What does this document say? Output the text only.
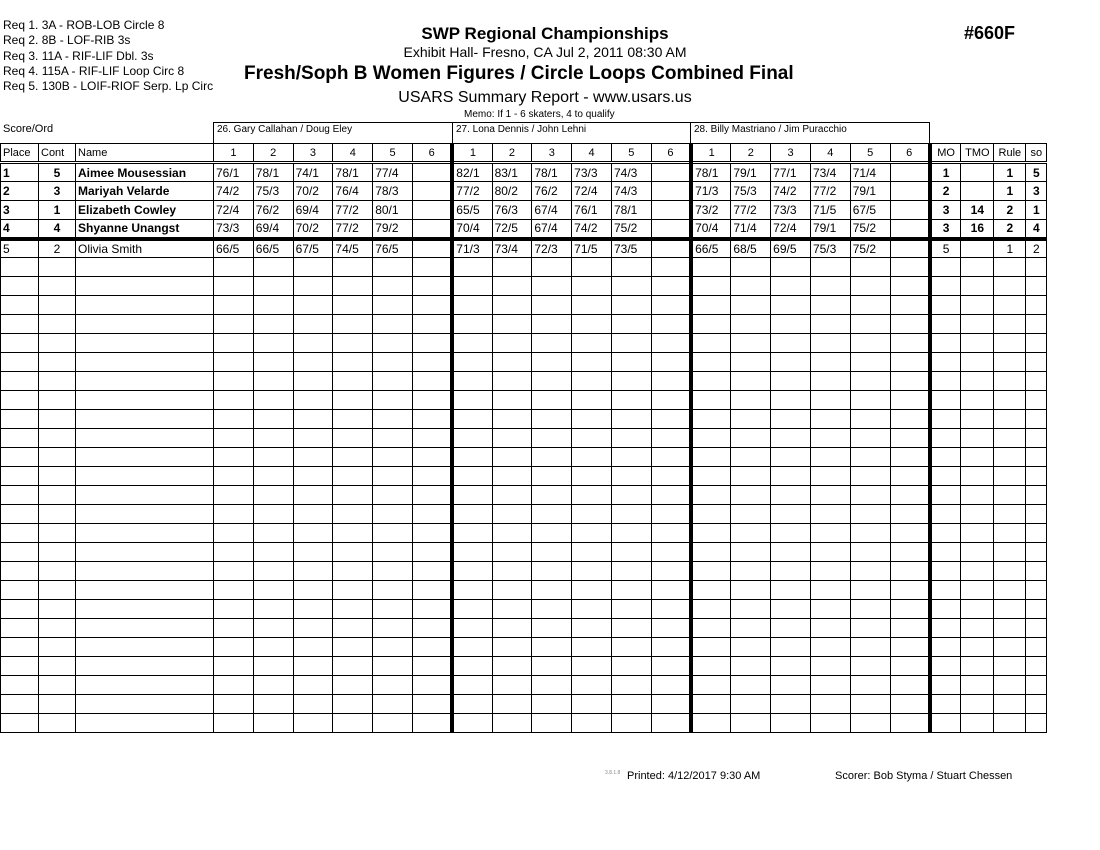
Req 1. 3A - ROB-LOB Circle 8
Req 2. 8B - LOF-RIB 3s
Req 3. 11A - RIF-LIF Dbl. 3s
Req 4. 115A - RIF-LIF Loop Circ 8
Req 5. 130B - LOIF-RIOF Serp. Lp Circ
SWP Regional Championships
Exhibit Hall- Fresno, CA Jul 2, 2011 08:30 AM
Fresh/Soph B Women Figures / Circle Loops Combined Final
USARS Summary Report - www.usars.us
Memo: If 1 - 6 skaters, 4 to qualify
#660F
Score/Ord	26. Gary Callahan / Doug Eley	27. Lona Dennis / John Lehni	28. Billy Mastriano / Jim Puracchio
Place	Cont	Name	1	2	3	4	5	6	1	2	3	4	5	6	1	2	3	4	5	6	MO	TMO	Rule	so
1	5	Aimee Mousessian	76/1	78/1	74/1	78/1	77/4		82/1	83/1	78/1	73/3	74/3		78/1	79/1	77/1	73/4	71/4		1		1	5
2	3	Mariyah Velarde	74/2	75/3	70/2	76/4	78/3		77/2	80/2	76/2	72/4	74/3		71/3	75/3	74/2	77/2	79/1		2		1	3
3	1	Elizabeth Cowley	72/4	76/2	69/4	77/2	80/1		65/5	76/3	67/4	76/1	78/1		73/2	77/2	73/3	71/5	67/5		3	14	2	1
4	4	Shyanne Unangst	73/3	69/4	70/2	77/2	79/2		70/4	72/5	67/4	74/2	75/2		70/4	71/4	72/4	79/1	75/2		3	16	2	4
5	2	Olivia Smith	66/5	66/5	67/5	74/5	76/5		71/3	73/4	72/3	71/5	73/5		66/5	68/5	69/5	75/3	75/2		5		1	2

3.8.1.8 Printed: 4/12/2017 9:30 AM	Scorer: Bob Styma / Stuart Chessen
